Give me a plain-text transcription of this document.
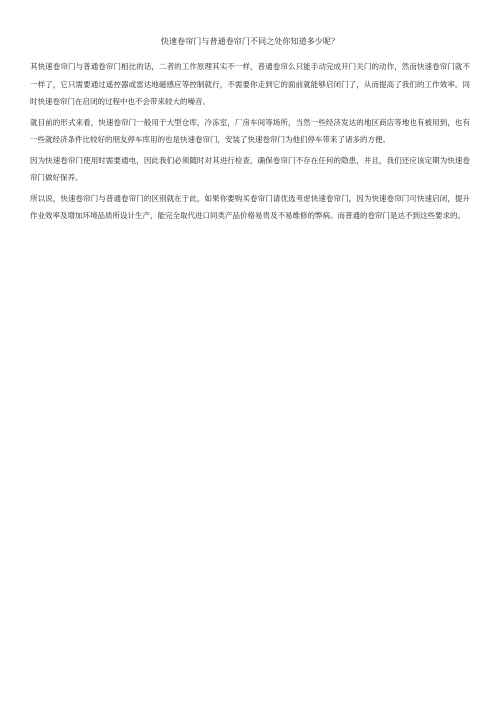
快速卷帘门与普通卷帘门不同之处你知道多少呢？

其快速卷帘门与普通卷帘门相比的话，二者的工作原理其实不一样，普通卷帘么只能手动完成开门关门的动作，然而快速卷帘门就不一样了，它只需要通过遥控器或雷达地磁感应等控制就行，不需要你走到它的面前就能够启闭门了，从而提高了我们的工作效率。同时快速卷帘门在启闭的过程中也不会带来较大的噪音。

就目前的形式来看，快速卷帘门一般用于大型仓库，冷冻室，厂房车间等场所，当然一些经济发达的地区商店等地也有被用到，也有一些就经济条件比较好的朋友停车库用的也是快速卷帘门，安装了快速卷帘门为他们停车带来了诸多的方便。

因为快速卷帘门使用时需要通电，因此我们必须随时对其进行检查，确保卷帘门不存在任何的隐患，并且，我们还应该定期为快速卷帘门做好保养。

所以说，快速卷帘门与普通卷帘门的区别就在于此，如果你要购买卷帘门请优选考虑快速卷帘门，因为快速卷帘门可快速启闭，提升作业效率及增加环境品质所设计生产，能完全取代进口同类产品价格易贵及不易维修的弊病。而普通的卷帘门是达不到这些要求的。
